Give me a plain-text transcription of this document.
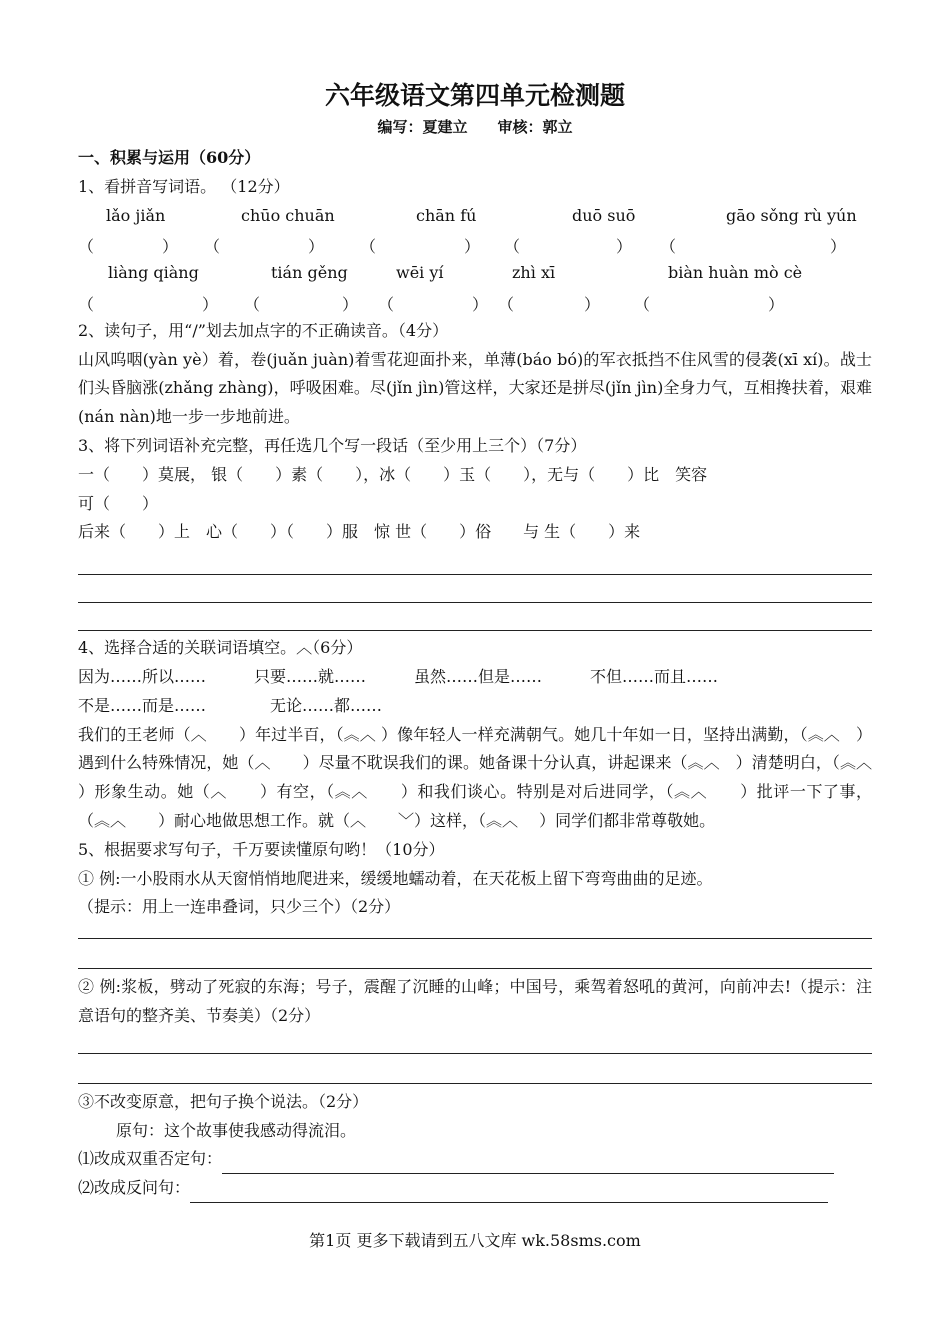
六年级语文第四单元检测题
编写：夏建立 审核：郭立
一、积累与运用（60分）
1、看拼音写词语。 （12分）
lǎo jiǎn	chūo chuān	chān fú	duō suō	gāo sǒng rù yún
（	） （	） （	） （	） （	）
liàng qiàng	tián gěng	wēi yí	zhì xī	biàn huàn mò cè
（	） （	） （	） （	） （	）
2、读句子，用“/”划去加点字的不正确读音。（4分）
山风呜咽(yàn yè）着，卷(juǎn juàn)着雪花迎面扑来，单薄(báo bó)的军衣抵挡不住风雪的侵袭(xī xí)。战士们头昏脑涨(zhǎng zhàng)，呼吸困难。尽(jǐn jìn)管这样，大家还是拼尽(jǐn jìn)全身力气，互相搀扶着，艰难(nán nàn)地一步一步地前进。
3、将下列词语补充完整，再任选几个写一段话（至少用上三个）（7分）
一（　　）莫展， 银（　　）素（　　），冰（　　）玉（　　），无与（　　）比　笑容
可（　　）
后来（　　）上　心（　　）（　　）服　惊 世（　　）俗　　与 生（　　）来
4、选择合适的关联词语填空。︿（6分）
因为……所以……　　　只要……就……　　　虽然……但是……　　　不但……而且……
不是……而是……　　　　无论……都……
我们的王老师（︿　　）年过半百，（︽︿ ）像年轻人一样充满朝气。她几十年如一日，坚持出满勤，（︽︿　）遇到什么特殊情况，她（︿　　）尽量不耽误我们的课。她备课十分认真，讲起课来（︽︿　）清楚明白，（︽︿ ）形象生动。她（︿　　）有空，（︽︿　　）和我们谈心。特别是对后进同学，（︽︿　　）批评一下了事，（︽︿　　）耐心地做思想工作。就（︿　　﹀）这样，（︽︿　 ）同学们都非常尊敬她。
5、根据要求写句子，千万要读懂原句哟！（10分）
① 例:一小股雨水从天窗悄悄地爬进来，缓缓地蠕动着，在天花板上留下弯弯曲曲的足迹。
（提示：用上一连串叠词，只少三个）（2分）
② 例:浆板，劈动了死寂的东海；号子，震醒了沉睡的山峰；中国号，乘驾着怒吼的黄河，向前冲去!（提示：注意语句的整齐美、节奏美）（2分）
③不改变原意，把句子换个说法。（2分）
原句：这个故事使我感动得流泪。
⑴改成双重否定句：
⑵改成反问句：
第1页 更多下载请到五八文库 wk.58sms.com
